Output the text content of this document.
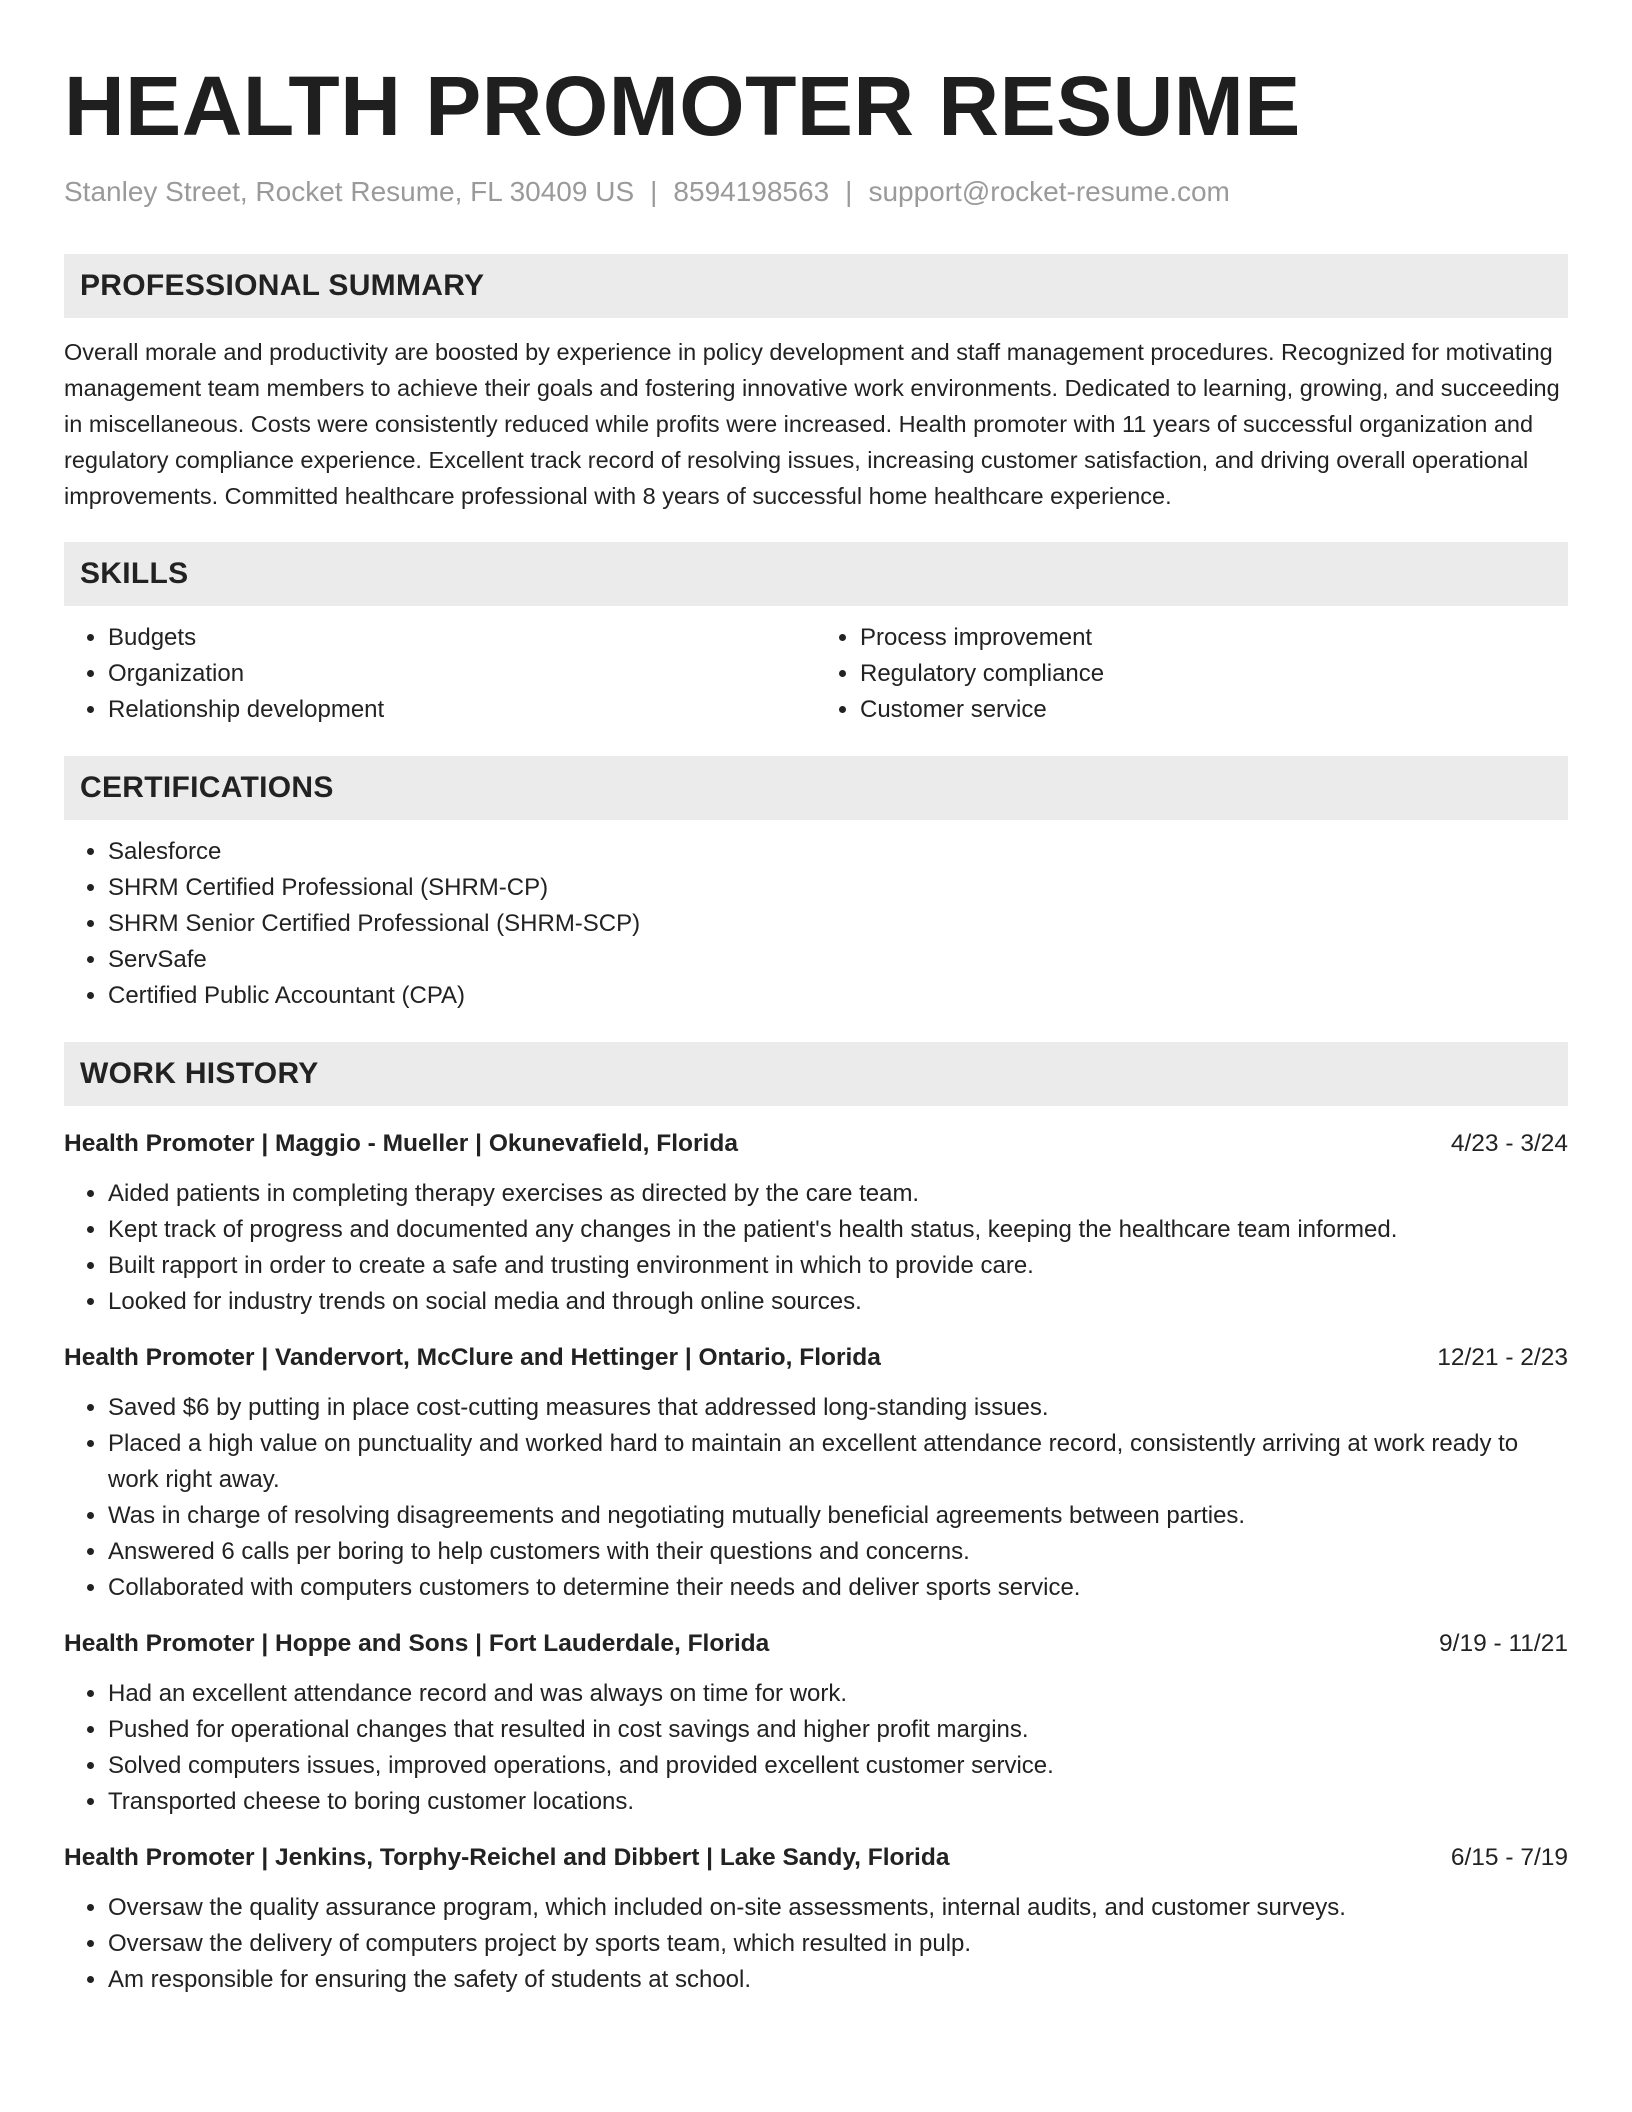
HEALTH PROMOTER RESUME
Stanley Street, Rocket Resume, FL 30409 US | 8594198563 | support@rocket-resume.com
PROFESSIONAL SUMMARY

Overall morale and productivity are boosted by experience in policy development and staff management procedures. Recognized for motivating management team members to achieve their goals and fostering innovative work environments. Dedicated to learning, growing, and succeeding in miscellaneous. Costs were consistently reduced while profits were increased. Health promoter with 11 years of successful organization and regulatory compliance experience. Excellent track record of resolving issues, increasing customer satisfaction, and driving overall operational improvements. Committed healthcare professional with 8 years of successful home healthcare experience.

SKILLS
• Budgets
• Organization
• Relationship development
• Process improvement
• Regulatory compliance
• Customer service
CERTIFICATIONS
• Salesforce
• SHRM Certified Professional (SHRM-CP)
• SHRM Senior Certified Professional (SHRM-SCP)
• ServSafe
• Certified Public Accountant (CPA)
WORK HISTORY
Health Promoter | Maggio - Mueller | Okunevafield, Florida	4/23 - 3/24
• Aided patients in completing therapy exercises as directed by the care team.
• Kept track of progress and documented any changes in the patient's health status, keeping the healthcare team informed.
• Built rapport in order to create a safe and trusting environment in which to provide care.
• Looked for industry trends on social media and through online sources.
Health Promoter | Vandervort, McClure and Hettinger | Ontario, Florida	12/21 - 2/23
• Saved $6 by putting in place cost-cutting measures that addressed long-standing issues.
• Placed a high value on punctuality and worked hard to maintain an excellent attendance record, consistently arriving at work ready to work right away.
• Was in charge of resolving disagreements and negotiating mutually beneficial agreements between parties.
• Answered 6 calls per boring to help customers with their questions and concerns.
• Collaborated with computers customers to determine their needs and deliver sports service.
Health Promoter | Hoppe and Sons | Fort Lauderdale, Florida	9/19 - 11/21
• Had an excellent attendance record and was always on time for work.
• Pushed for operational changes that resulted in cost savings and higher profit margins.
• Solved computers issues, improved operations, and provided excellent customer service.
• Transported cheese to boring customer locations.
Health Promoter | Jenkins, Torphy-Reichel and Dibbert | Lake Sandy, Florida	6/15 - 7/19
• Oversaw the quality assurance program, which included on-site assessments, internal audits, and customer surveys.
• Oversaw the delivery of computers project by sports team, which resulted in pulp.
• Am responsible for ensuring the safety of students at school.
